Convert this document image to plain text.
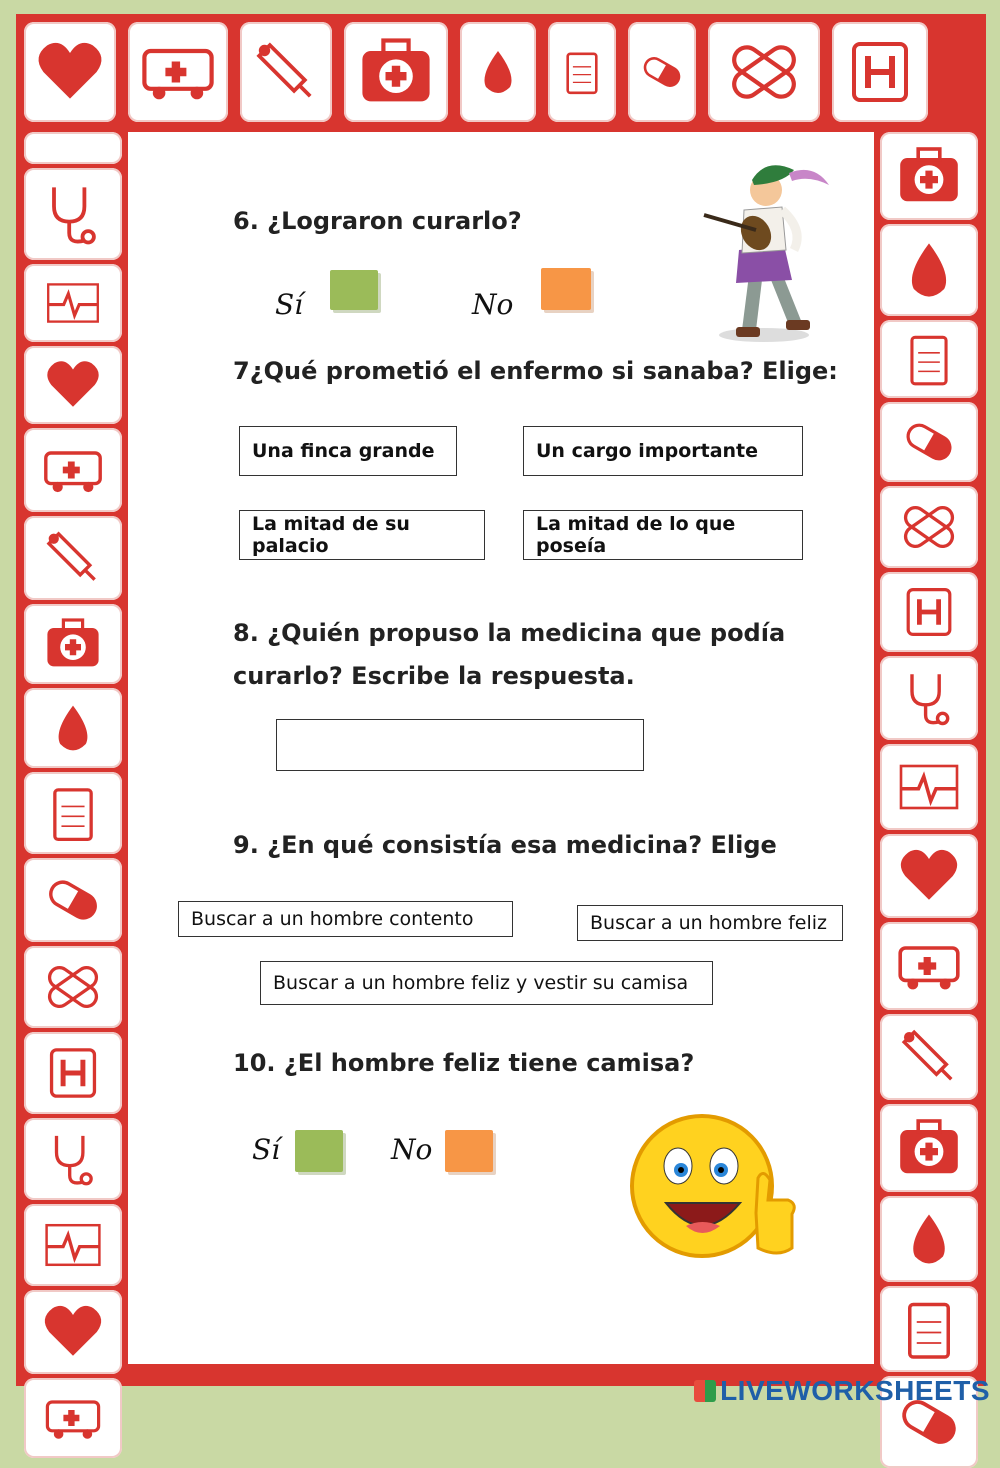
6. ¿Lograron curarlo?
Sí	No
7¿Qué prometió el enfermo si sanaba? Elige:
Una finca grande	Un cargo importante
La mitad de su palacio
La mitad de lo que poseía
8. ¿Quién propuso la medicina que podía
curarlo? Escribe la respuesta.
9. ¿En qué consistía esa medicina? Elige
Buscar a un hombre contento	Buscar a un hombre feliz
Buscar a un hombre feliz y vestir su camisa
10. ¿El hombre feliz tiene camisa?
Sí	No
LIVEWORKSHEETS
